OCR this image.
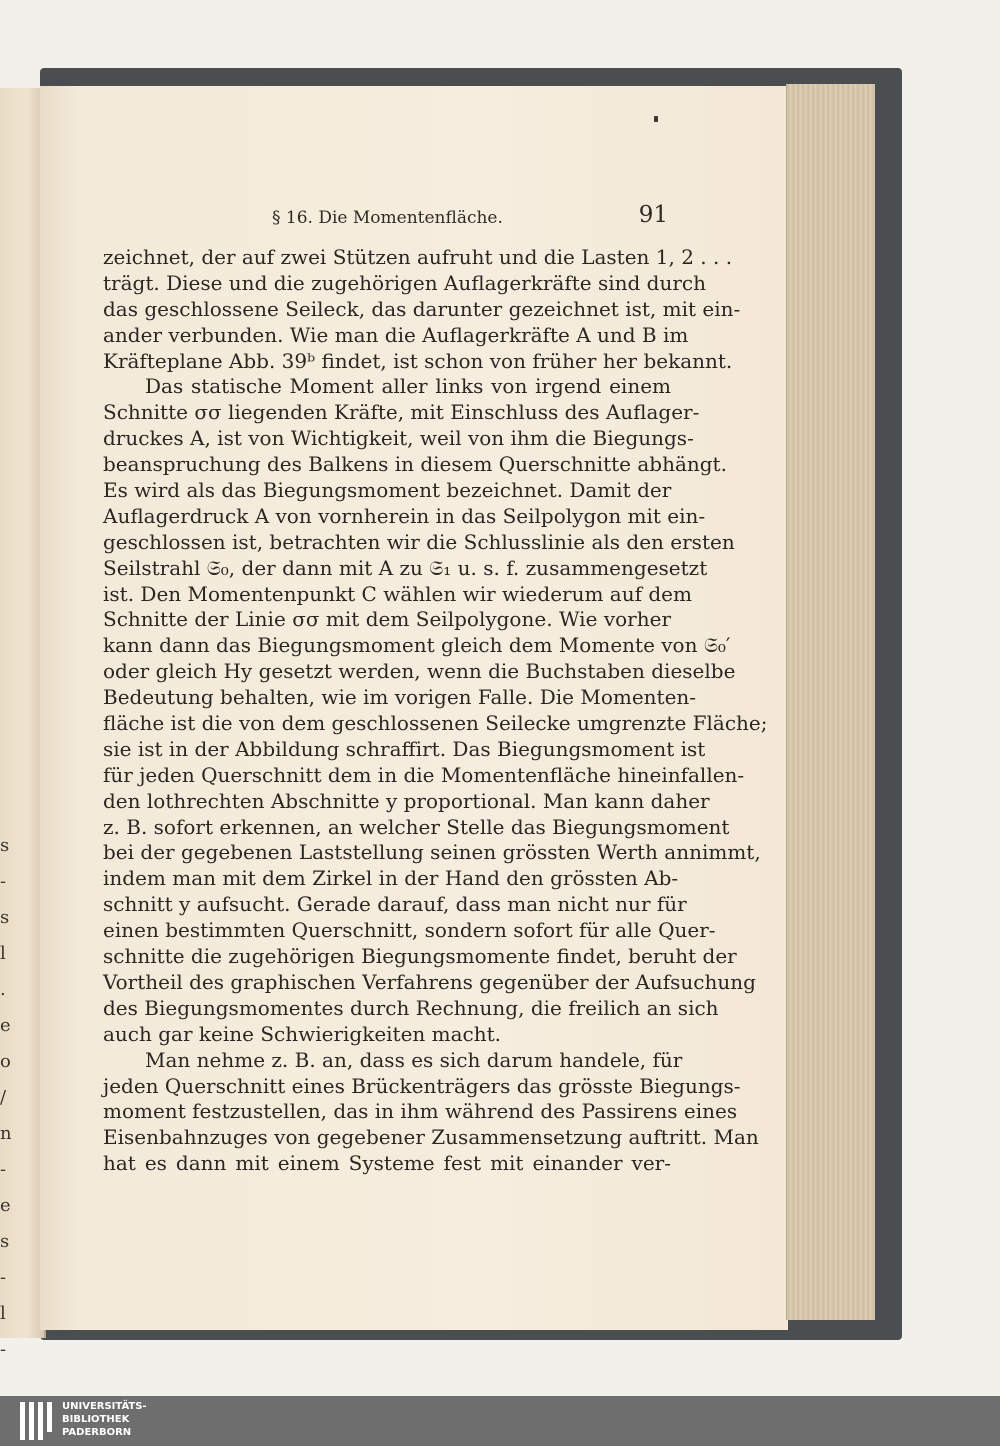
s
-
s
l
.
e
o
/
n
-
e
s
-
l
-
§ 16. Die Momentenfläche.	91
zeichnet, der auf zwei Stützen aufruht und die Lasten 1, 2 . . .
trägt. Diese und die zugehörigen Auflagerkräfte sind durch
das geschlossene Seileck, das darunter gezeichnet ist, mit ein-
ander verbunden. Wie man die Auflagerkräfte A und B im
Kräfteplane Abb. 39ᵇ findet, ist schon von früher her bekannt.
Das statische Moment aller links von irgend einem
Schnitte σσ liegenden Kräfte, mit Einschluss des Auflager-
druckes A, ist von Wichtigkeit, weil von ihm die Biegungs-
beanspruchung des Balkens in diesem Querschnitte abhängt.
Es wird als das Biegungsmoment bezeichnet. Damit der
Auflagerdruck A von vornherein in das Seilpolygon mit ein-
geschlossen ist, betrachten wir die Schlusslinie als den ersten
Seilstrahl 𝔖₀, der dann mit A zu 𝔖₁ u. s. f. zusammengesetzt
ist. Den Momentenpunkt C wählen wir wiederum auf dem
Schnitte der Linie σσ mit dem Seilpolygone. Wie vorher
kann dann das Biegungsmoment gleich dem Momente von 𝔖₀′
oder gleich Hy gesetzt werden, wenn die Buchstaben dieselbe
Bedeutung behalten, wie im vorigen Falle. Die Momenten-
fläche ist die von dem geschlossenen Seilecke umgrenzte Fläche;
sie ist in der Abbildung schraffirt. Das Biegungsmoment ist
für jeden Querschnitt dem in die Momentenfläche hineinfallen-
den lothrechten Abschnitte y proportional. Man kann daher
z. B. sofort erkennen, an welcher Stelle das Biegungsmoment
bei der gegebenen Laststellung seinen grössten Werth annimmt,
indem man mit dem Zirkel in der Hand den grössten Ab-
schnitt y aufsucht. Gerade darauf, dass man nicht nur für
einen bestimmten Querschnitt, sondern sofort für alle Quer-
schnitte die zugehörigen Biegungsmomente findet, beruht der
Vortheil des graphischen Verfahrens gegenüber der Aufsuchung
des Biegungsmomentes durch Rechnung, die freilich an sich
auch gar keine Schwierigkeiten macht.
Man nehme z. B. an, dass es sich darum handele, für
jeden Querschnitt eines Brückenträgers das grösste Biegungs-
moment festzustellen, das in ihm während des Passirens eines
Eisenbahnzuges von gegebener Zusammensetzung auftritt. Man
hat es dann mit einem Systeme fest mit einander ver-
UNIVERSITÄTS-
BIBLIOTHEK
PADERBORN
